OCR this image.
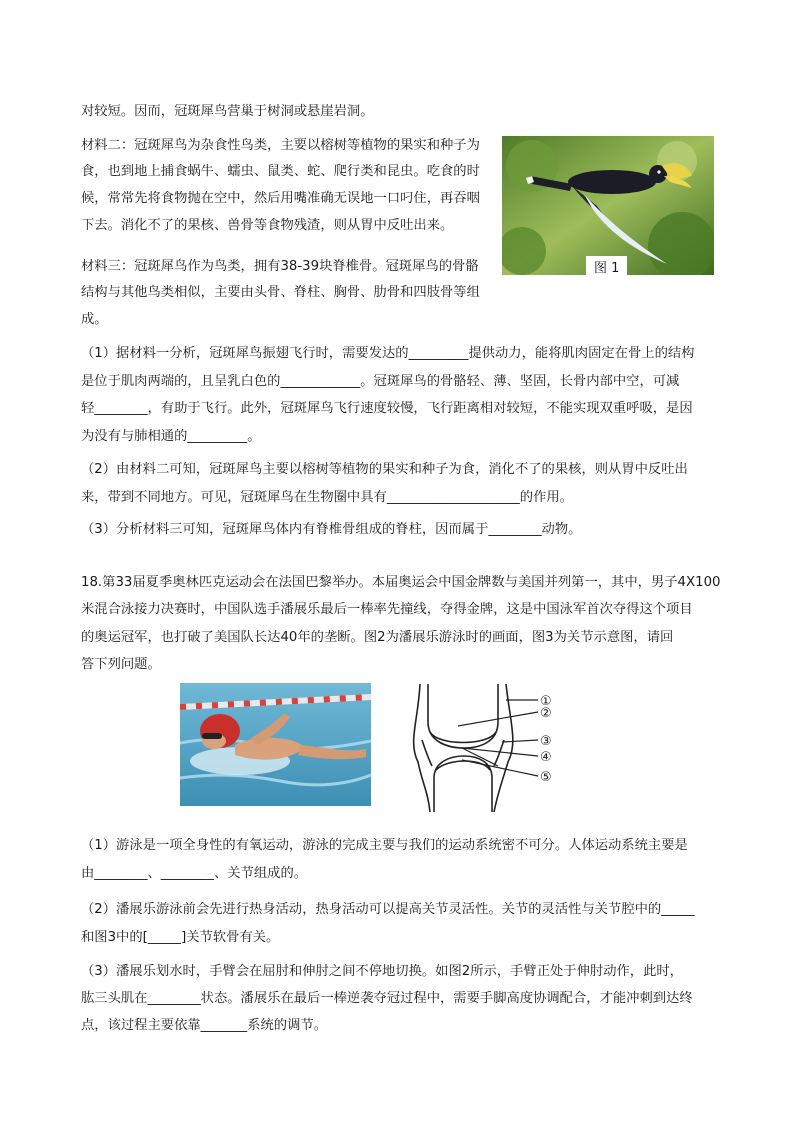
对较短。因而，冠斑犀鸟营巢于树洞或悬崖岩洞。
材料二：冠斑犀鸟为杂食性鸟类，主要以榕树等植物的果实和种子为
食，也到地上捕食蜗牛、蠕虫、鼠类、蛇、爬行类和昆虫。吃食的时
候，常常先将食物抛在空中，然后用嘴准确无误地一口叼住，再吞咽
下去。消化不了的果核、兽骨等食物残渣，则从胃中反吐出来。
材料三：冠斑犀鸟作为鸟类，拥有38-39块脊椎骨。冠斑犀鸟的骨骼
结构与其他鸟类相似，主要由头骨、脊柱、胸骨、肋骨和四肢骨等组
成。
（1）据材料一分析，冠斑犀鸟振翅飞行时，需要发达的_________提供动力，能将肌肉固定在骨上的结构
是位于肌肉两端的，且呈乳白色的____________。冠斑犀鸟的骨骼轻、薄、坚固，长骨内部中空，可减
轻________，有助于飞行。此外，冠斑犀鸟飞行速度较慢，飞行距离相对较短，不能实现双重呼吸，是因
为没有与肺相通的_________。
（2）由材料二可知，冠斑犀鸟主要以榕树等植物的果实和种子为食，消化不了的果核，则从胃中反吐出
来，带到不同地方。可见，冠斑犀鸟在生物圈中具有____________________的作用。
（3）分析材料三可知，冠斑犀鸟体内有脊椎骨组成的脊柱，因而属于________动物。
18.第33届夏季奥林匹克运动会在法国巴黎举办。本届奥运会中国金牌数与美国并列第一，其中，男子4X100
米混合泳接力决赛时，中国队选手潘展乐最后一棒率先撞线，夺得金牌，这是中国泳军首次夺得这个项目
的奥运冠军，也打破了美国队长达40年的垄断。图2为潘展乐游泳时的画面，图3为关节示意图，请回
答下列问题。
（1）游泳是一项全身性的有氧运动，游泳的完成主要与我们的运动系统密不可分。人体运动系统主要是
由________、________、关节组成的。
（2）潘展乐游泳前会先进行热身活动，热身活动可以提高关节灵活性。关节的灵活性与关节腔中的_____
和图3中的[_____]关节软骨有关。
（3）潘展乐划水时，手臂会在屈肘和伸肘之间不停地切换。如图2所示，手臂正处于伸肘动作，此时，
肱三头肌在________状态。潘展乐在最后一棒逆袭夺冠过程中，需要手脚高度协调配合，才能冲刺到达终
点，该过程主要依靠_______系统的调节。
图 1
①
②
③
④
⑤
